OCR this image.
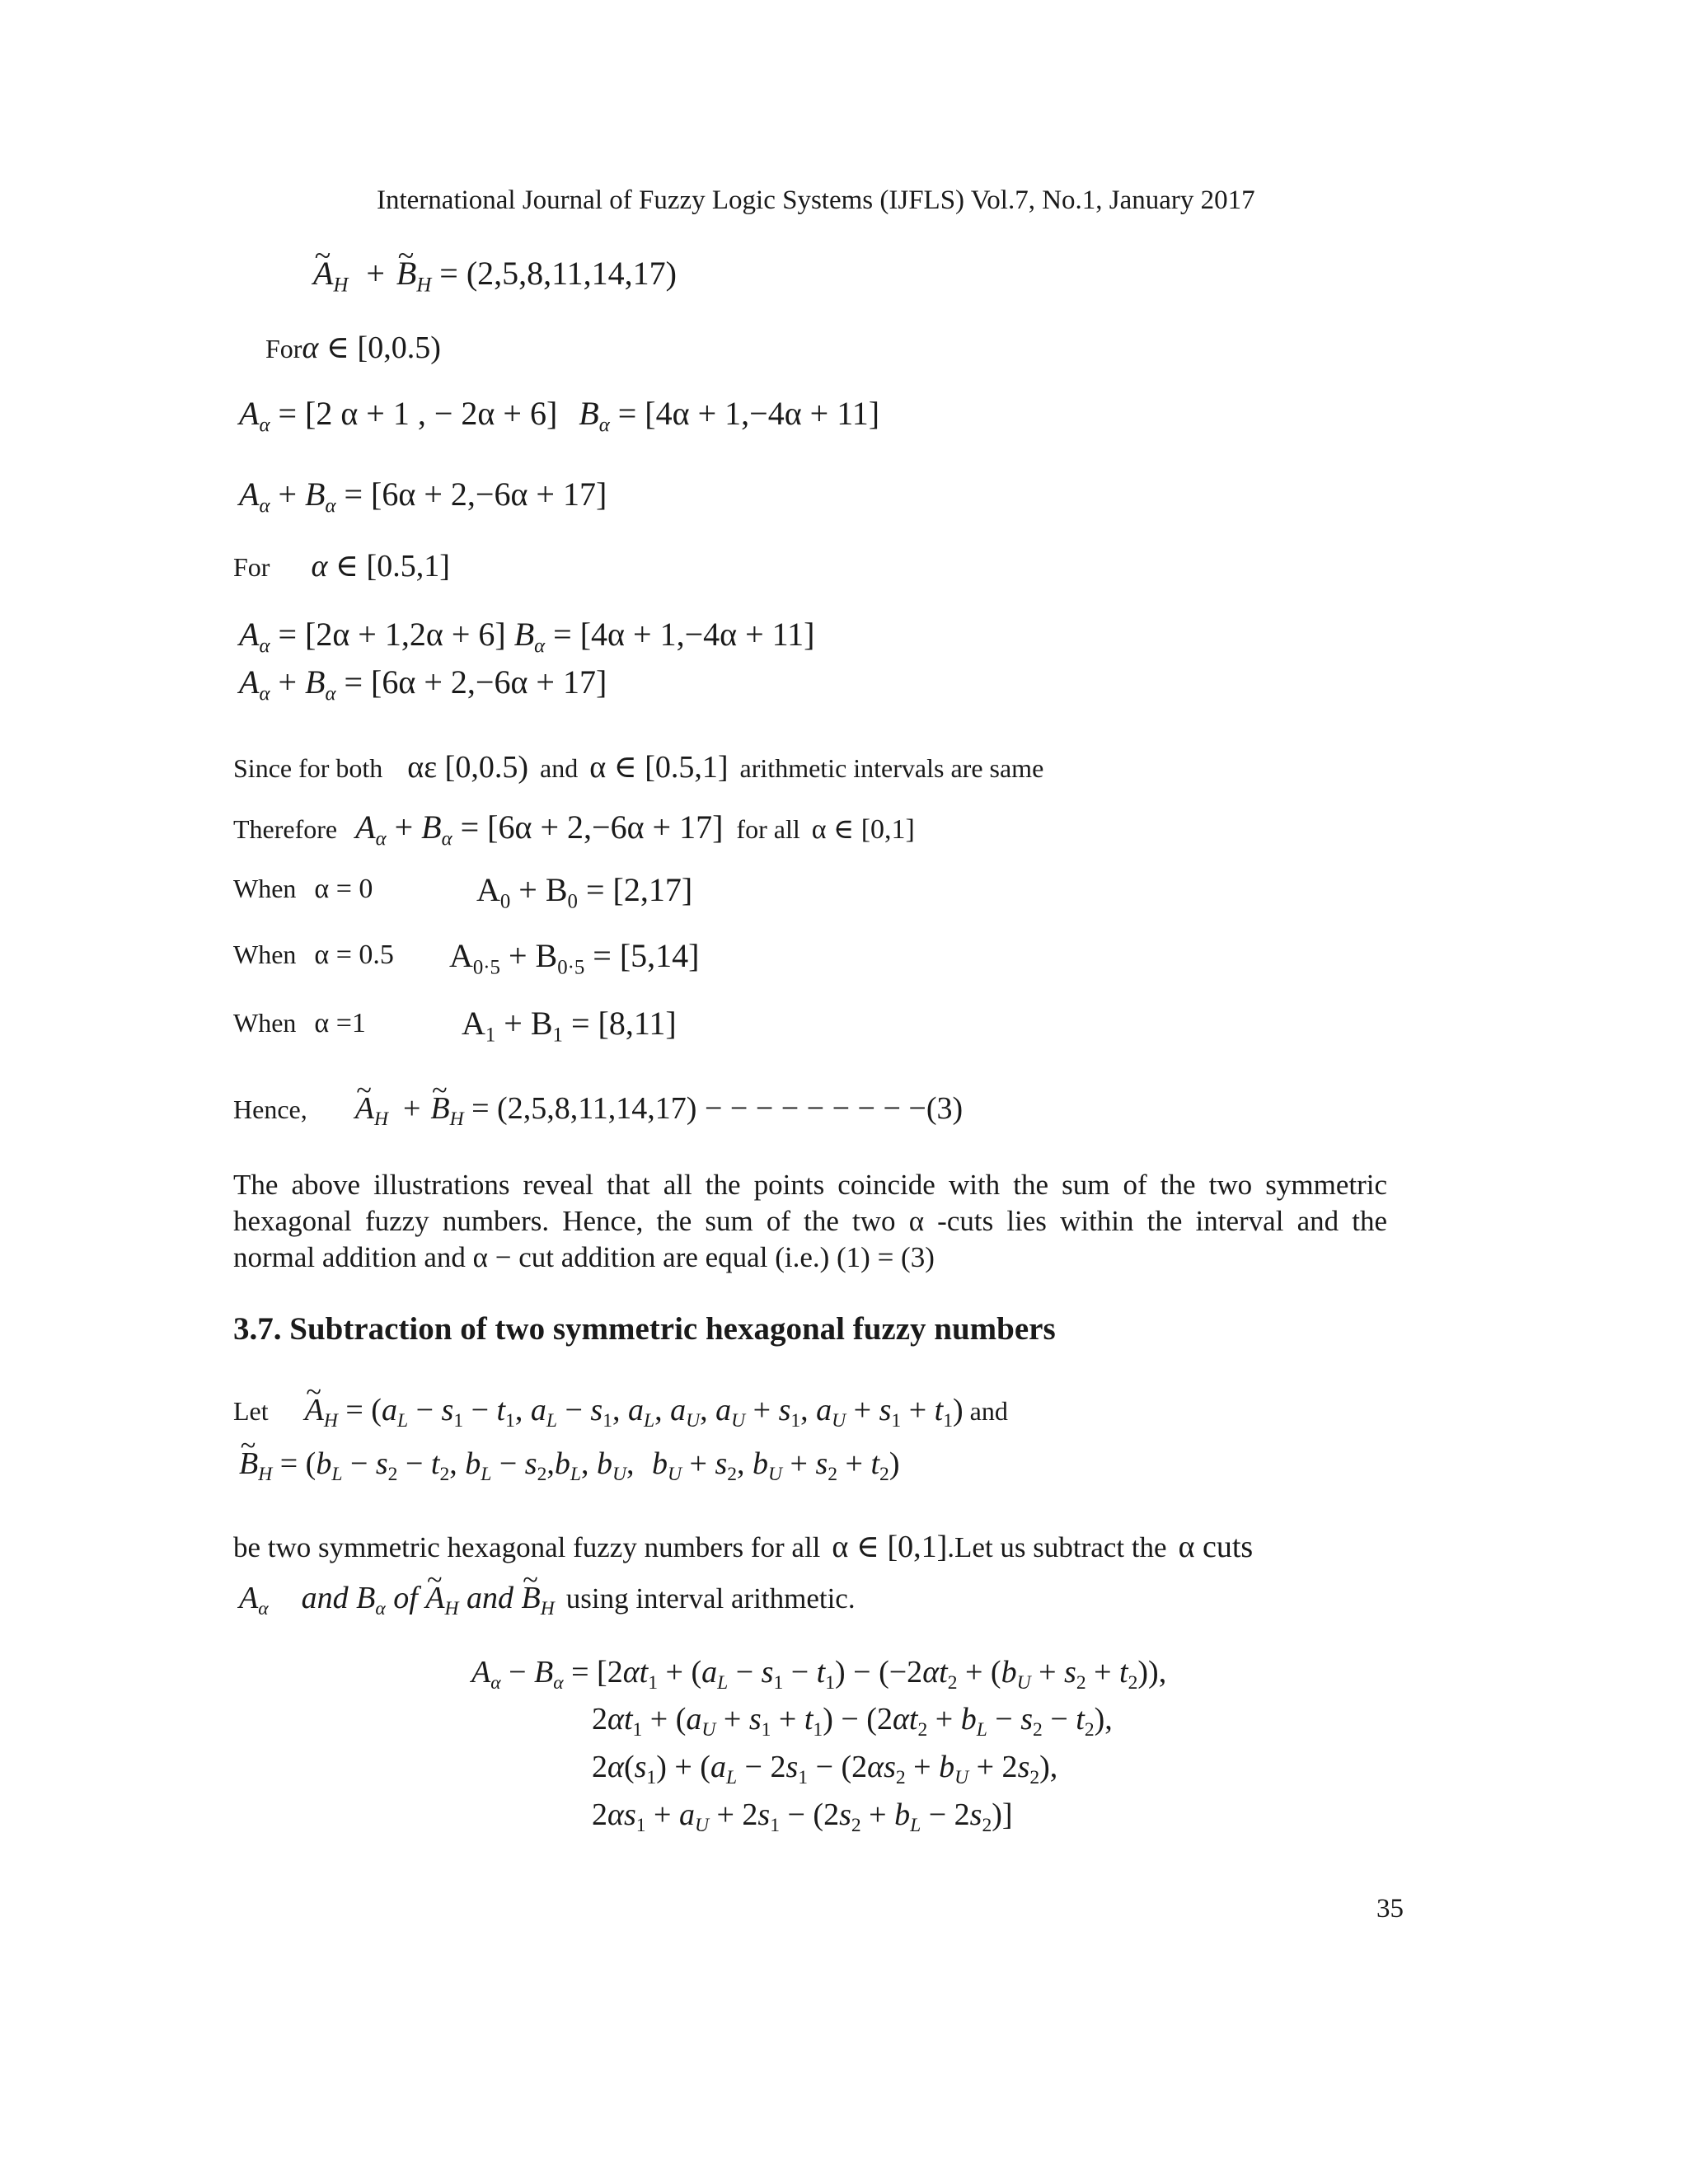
International Journal of Fuzzy Logic Systems (IJFLS) Vol.7, No.1, January 2017
~ $A_H$ + ~ $B_H = (2,5,8,11,14,17)$
Forα ∈ [0,0.5)
$A_\alpha = [2$ α + 1 , − 2α + 6] $B_\alpha = [4\alpha + 1,-4\alpha + 11]$
$A_\alpha + B_\alpha = [6\alpha + 2,-6\alpha + 17]$
For α ∈ [0.5,1]
$A_\alpha = [2\alpha + 1,2\alpha + 6] B_\alpha = [4\alpha + 1,-4\alpha + 11]$
$A_\alpha + B_\alpha = [6\alpha + 2,-6\alpha + 17]$
Since for both αε [0,0.5) and α ∈ [0.5,1] arithmetic intervals are same
Therefore $A_\alpha + B_\alpha = [6\alpha + 2,-6\alpha + 17]$ for all α ∈ [0,1]
When α = 0	$A_0 + B_0 = [2,17]$
When α = 0.5 $A_{0\cdot 5} + B_{0\cdot 5} = [5,14]$
When α =1	$A_1 + B_1 = [8,11]$
Hence, ~ $A_H$ + ~ $B_H = (2,5,8,11,14,17)$ − − − − − − − − −(3)
The above illustrations reveal that all the points coincide with the sum of the two symmetric
hexagonal fuzzy numbers. Hence, the sum of the two α -cuts lies within the interval and the
normal addition and α − cut addition are equal (i.e.) (1) = (3)
3.7. Subtraction of two symmetric hexagonal fuzzy numbers
Let ~ $A_H = (a_L - s_1 - t_1$, $a_L - s_1$, $a_L$, $a_U$, $a_U + s_1$, $a_U + s_1 + t_1$) and
~ $B_H = (b_L - s_2 - t_2$, $b_L - s_2,b_L$, $b_U$, $b_U + s_2$, $b_U + s_2 + t_2$)
be two symmetric hexagonal fuzzy numbers for all α ∈ [0,1].Let us subtract the α cuts
$A_\alpha$ and $B_\alpha$ of ~ $A_H$ and ~ $B_H$ using interval arithmetic.
$A_\alpha - B_\alpha = [2\alpha t_1 + (a_L - s_1 - t_1) - (-2\alpha t_2 + (b_U + s_2 + t_2))$,
$2\alpha t_1 + (a_U + s_1 + t_1) - (2\alpha t_2 + b_L - s_2 - t_2)$,
$2\alpha(s_1) + (a_L - 2s_1 - (2\alpha s_2 + b_U + 2s_2)$,
$2\alpha s_1 + a_U + 2s_1 - (2s_2 + b_L - 2s_2)$]
35
